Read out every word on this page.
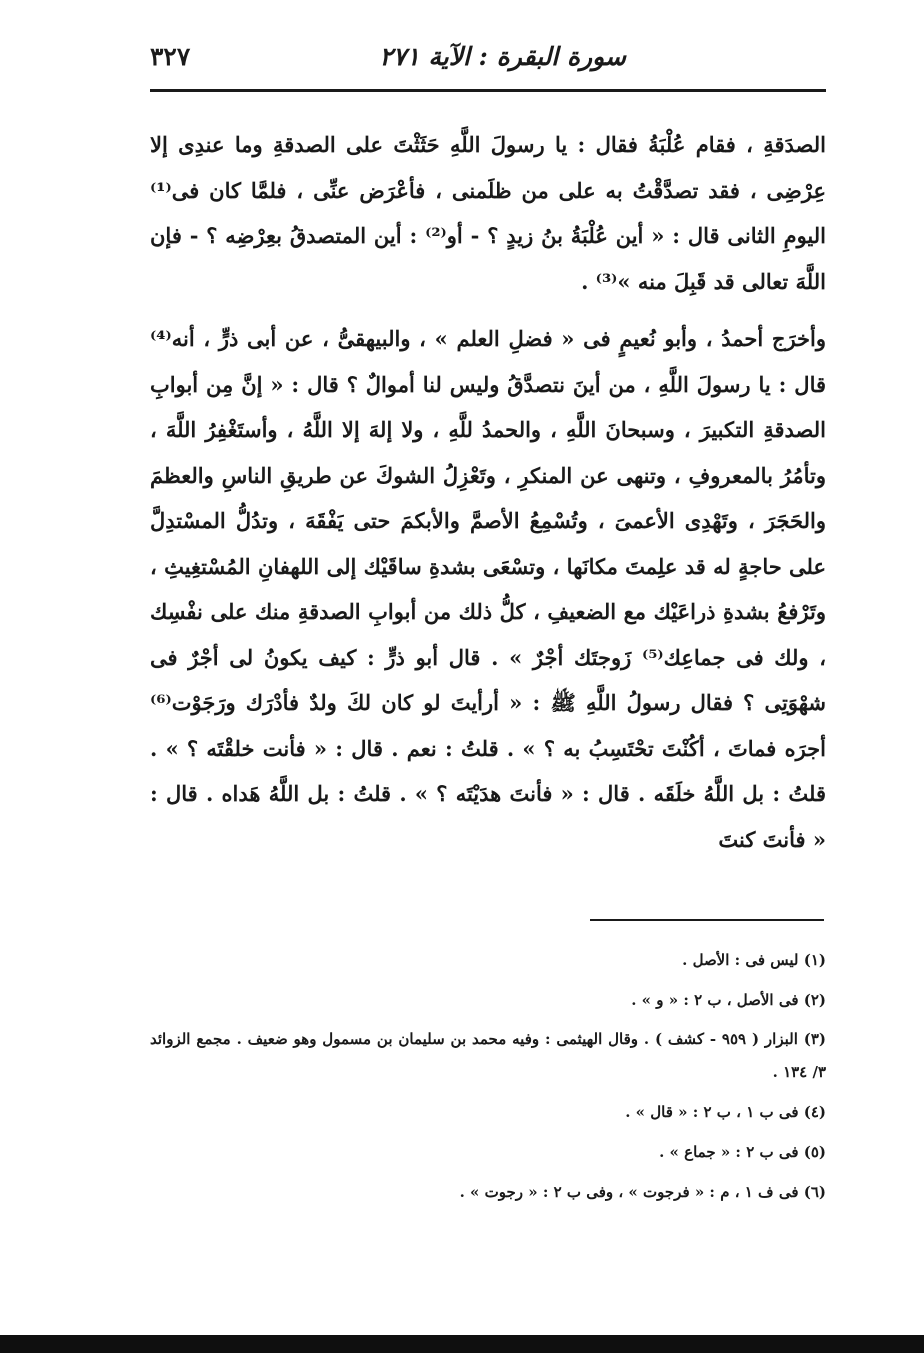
سورة البقرة : الآية ٢٧١
٣٢٧

الصدَقةِ ، فقام عُلْبَةُ فقال : يا رسولَ اللَّهِ حَثَثْتَ على الصدقةِ وما عندِى إلا عِرْضِى ، فقد تصدَّقْتُ به على من ظلَمنى ، فأعْرَض عنِّى ، فلمَّا كان فى⁽¹⁾ اليومِ الثانى قال : « أين عُلْبَةُ بنُ زيدٍ ؟ - أو⁽²⁾ : أين المتصدقُ بعِرْضِه ؟ - فإن اللَّهَ تعالى قد قَبِلَ منه »⁽³⁾ .

وأخرَج أحمدُ ، وأبو نُعيمٍ فى « فضلِ العلم » ، والبيهقىُّ ، عن أبى ذرٍّ ، أنه⁽⁴⁾ قال : يا رسولَ اللَّهِ ، من أينَ نتصدَّقُ وليس لنا أموالٌ ؟ قال : « إنَّ مِن أبوابِ الصدقةِ التكبيرَ ، وسبحانَ اللَّهِ ، والحمدُ للَّهِ ، ولا إلهَ إلا اللَّهُ ، وأستَغْفِرُ اللَّهَ ، وتأمُرُ بالمعروفِ ، وتنهى عن المنكرِ ، وتَعْزِلُ الشوكَ عن طريقِ الناسِ والعظمَ والحَجَرَ ، وتَهْدِى الأعمىَ ، وتُسْمِعُ الأصمَّ والأبكمَ حتى يَفْقَهَ ، وتدُلُّ المسْتدِلَّ على حاجةٍ له قد علِمتَ مكانَها ، وتسْعَى بشدةِ ساقَيْك إلى اللهفانِ المُسْتغِيثِ ، وتَرْفعُ بشدةِ ذراعَيْك مع الضعيفِ ، كلُّ ذلك من أبوابِ الصدقةِ منك على نفْسِك ، ولك فى جماعِك⁽⁵⁾ زَوجتَك أجْرٌ » . قال أبو ذرٍّ : كيف يكونُ لى أجْرٌ فى شهْوَتِى ؟ فقال رسولُ اللَّهِ ﷺ : « أرأيتَ لو كان لكَ ولدٌ فأدْرَك ورَجَوْت⁽⁶⁾ أجرَه فماتَ ، أكُنْتَ تحْتَسِبُ به ؟ » . قلتُ : نعم . قال : « فأنت خلقْتَه ؟ » . قلتُ : بل اللَّهُ خلَقَه . قال : « فأنتَ هدَيْتَه ؟ » . قلتُ : بل اللَّهُ هَداه . قال : « فأنتَ كنتَ

(١) ليس فى : الأصل .

(٢) فى الأصل ، ب ٢ : « و » .

(٣) البزار ( ٩٥٩ - كشف ) . وقال الهيثمى : وفيه محمد بن سليمان بن مسمول وهو ضعيف . مجمع الزوائد ٣/ ١٣٤ .

(٤) فى ب ١ ، ب ٢ : « قال » .

(٥) فى ب ٢ : « جماع » .

(٦) فى ف ١ ، م : « فرجوت » ، وفى ب ٢ : « رجوت » .
